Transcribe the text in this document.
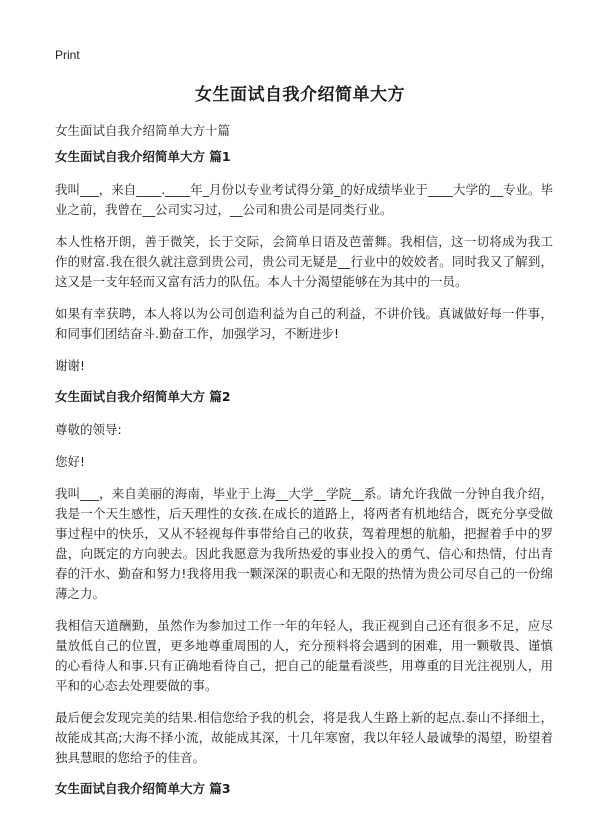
Print
女生面试自我介绍简单大方

女生面试自我介绍简单大方十篇

女生面试自我介绍简单大方 篇1

我叫___，来自____.____年_月份以专业考试得分第_的好成绩毕业于____大学的__专业。毕业之前，我曾在__公司实习过，__公司和贵公司是同类行业。

本人性格开朗，善于微笑，长于交际，会简单日语及芭蕾舞。我相信，这一切将成为我工作的财富.我在很久就注意到贵公司，贵公司无疑是__行业中的姣姣者。同时我又了解到，这又是一支年轻而又富有活力的队伍。本人十分渴望能够在为其中的一员。

如果有幸获聘，本人将以为公司创造利益为自己的利益，不讲价钱。真诚做好每一件事，和同事们团结奋斗.勤奋工作，加强学习，不断进步!

谢谢!

女生面试自我介绍简单大方 篇2

尊敬的领导:

您好!

我叫___，来自美丽的海南，毕业于上海__大学__学院__系。请允许我做一分钟自我介绍，我是一个天生感性，后天理性的女孩.在成长的道路上，将两者有机地结合，既充分享受做事过程中的快乐，又从不轻视每件事带给自己的收获，驾着理想的航船，把握着手中的罗盘，向既定的方向驶去。因此我愿意为我所热爱的事业投入的勇气、信心和热情，付出青春的汗水、勤奋和努力!我将用我一颗深深的职责心和无限的热情为贵公司尽自己的一份绵薄之力。

我相信天道酬勤，虽然作为参加过工作一年的年轻人，我正视到自己还有很多不足，应尽量放低自己的位置，更多地尊重周围的人，充分预料将会遇到的困难，用一颗敬畏、谨慎的心看待人和事.只有正确地看待自己，把自己的能量看淡些，用尊重的目光注视别人，用平和的心态去处理要做的事。

最后便会发现完美的结果.相信您给予我的机会，将是我人生路上新的起点.泰山不择细土，故能成其高;大海不择小流，故能成其深，十几年寒窗，我以年轻人最诚挚的渴望，盼望着独具慧眼的您给予的佳音。

女生面试自我介绍简单大方 篇3
